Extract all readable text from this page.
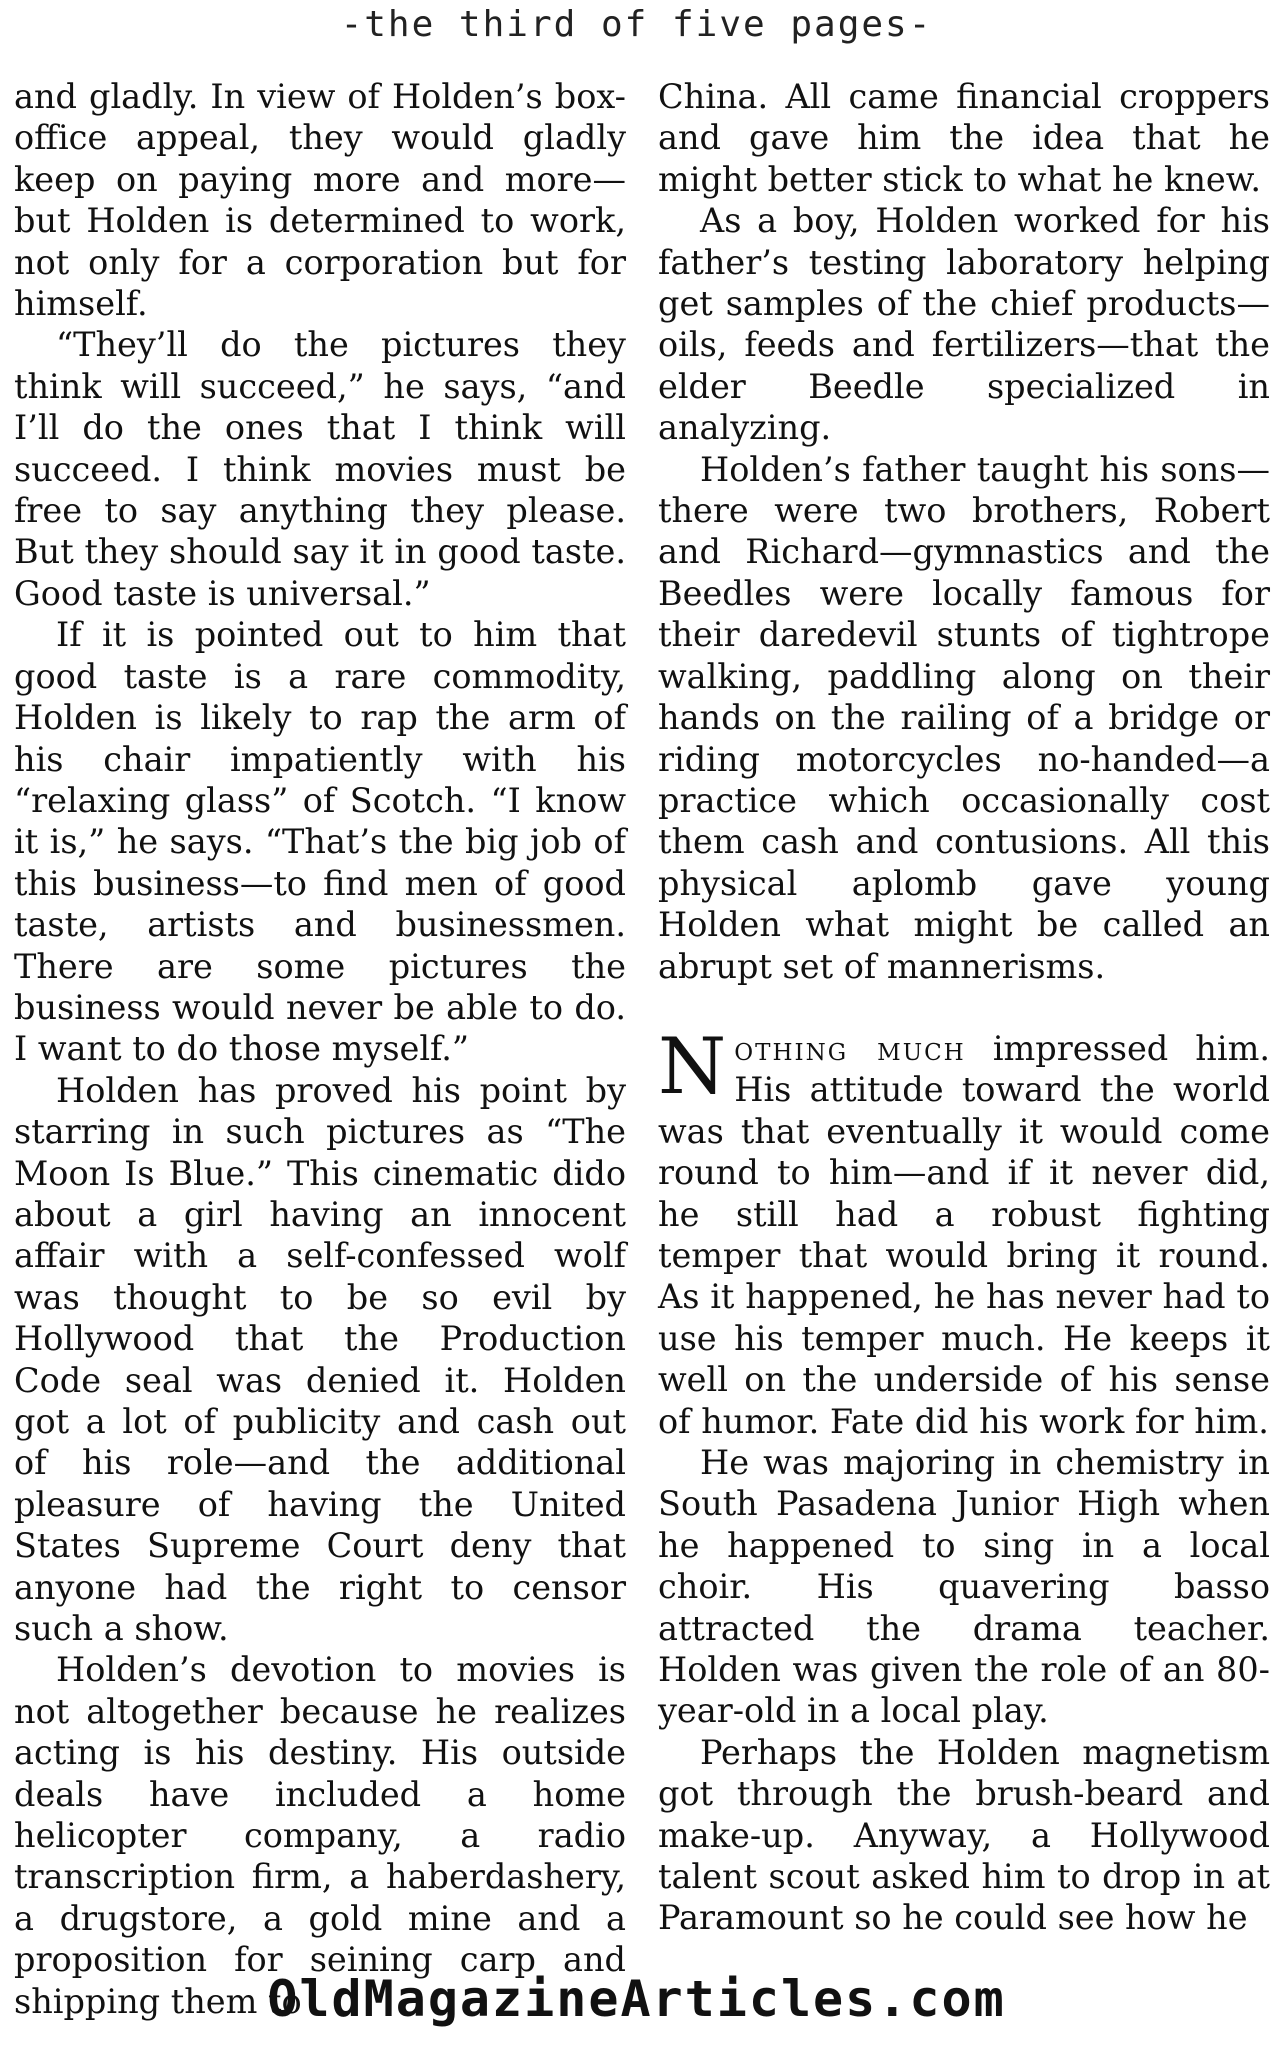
-the third of five pages-

and gladly. In view of Holden’s box-office appeal, they would gladly keep on paying more and more—but Holden is determined to work, not only for a corporation but for himself.

“They’ll do the pictures they think will succeed,” he says, “and I’ll do the ones that I think will succeed. I think movies must be free to say anything they please. But they should say it in good taste. Good taste is universal.”

If it is pointed out to him that good taste is a rare commodity, Holden is likely to rap the arm of his chair impatiently with his “relaxing glass” of Scotch. “I know it is,” he says. “That’s the big job of this business—to find men of good taste, artists and businessmen. There are some pictures the business would never be able to do. I want to do those myself.”

Holden has proved his point by starring in such pictures as “The Moon Is Blue.” This cinematic dido about a girl having an innocent affair with a self-confessed wolf was thought to be so evil by Hollywood that the Production Code seal was denied it. Holden got a lot of publicity and cash out of his role—and the additional pleasure of having the United States Supreme Court deny that anyone had the right to censor such a show.

Holden’s devotion to movies is not altogether because he realizes acting is his destiny. His outside deals have included a home helicopter company, a radio transcription firm, a haberdashery, a drugstore, a gold mine and a proposition for seining carp and shipping them to

China. All came financial croppers and gave him the idea that he might better stick to what he knew.

As a boy, Holden worked for his father’s testing laboratory helping get samples of the chief products—oils, feeds and fertilizers—that the elder Beedle specialized in analyzing.

Holden’s father taught his sons—there were two brothers, Robert and Richard—gymnastics and the Beedles were locally famous for their daredevil stunts of tightrope walking, paddling along on their hands on the railing of a bridge or riding motorcycles no-handed—a practice which occasionally cost them cash and contusions. All this physical aplomb gave young Holden what might be called an abrupt set of mannerisms.

Nothing much impressed him. His attitude toward the world was that eventually it would come round to him—and if it never did, he still had a robust fighting temper that would bring it round. As it happened, he has never had to use his temper much. He keeps it well on the underside of his sense of humor. Fate did his work for him.

He was majoring in chemistry in South Pasadena Junior High when he happened to sing in a local choir. His quavering basso attracted the drama teacher. Holden was given the role of an 80-year-old in a local play.

Perhaps the Holden magnetism got through the brush-beard and make-up. Anyway, a Hollywood talent scout asked him to drop in at Paramount so he could see how he

OldMagazineArticles.com
